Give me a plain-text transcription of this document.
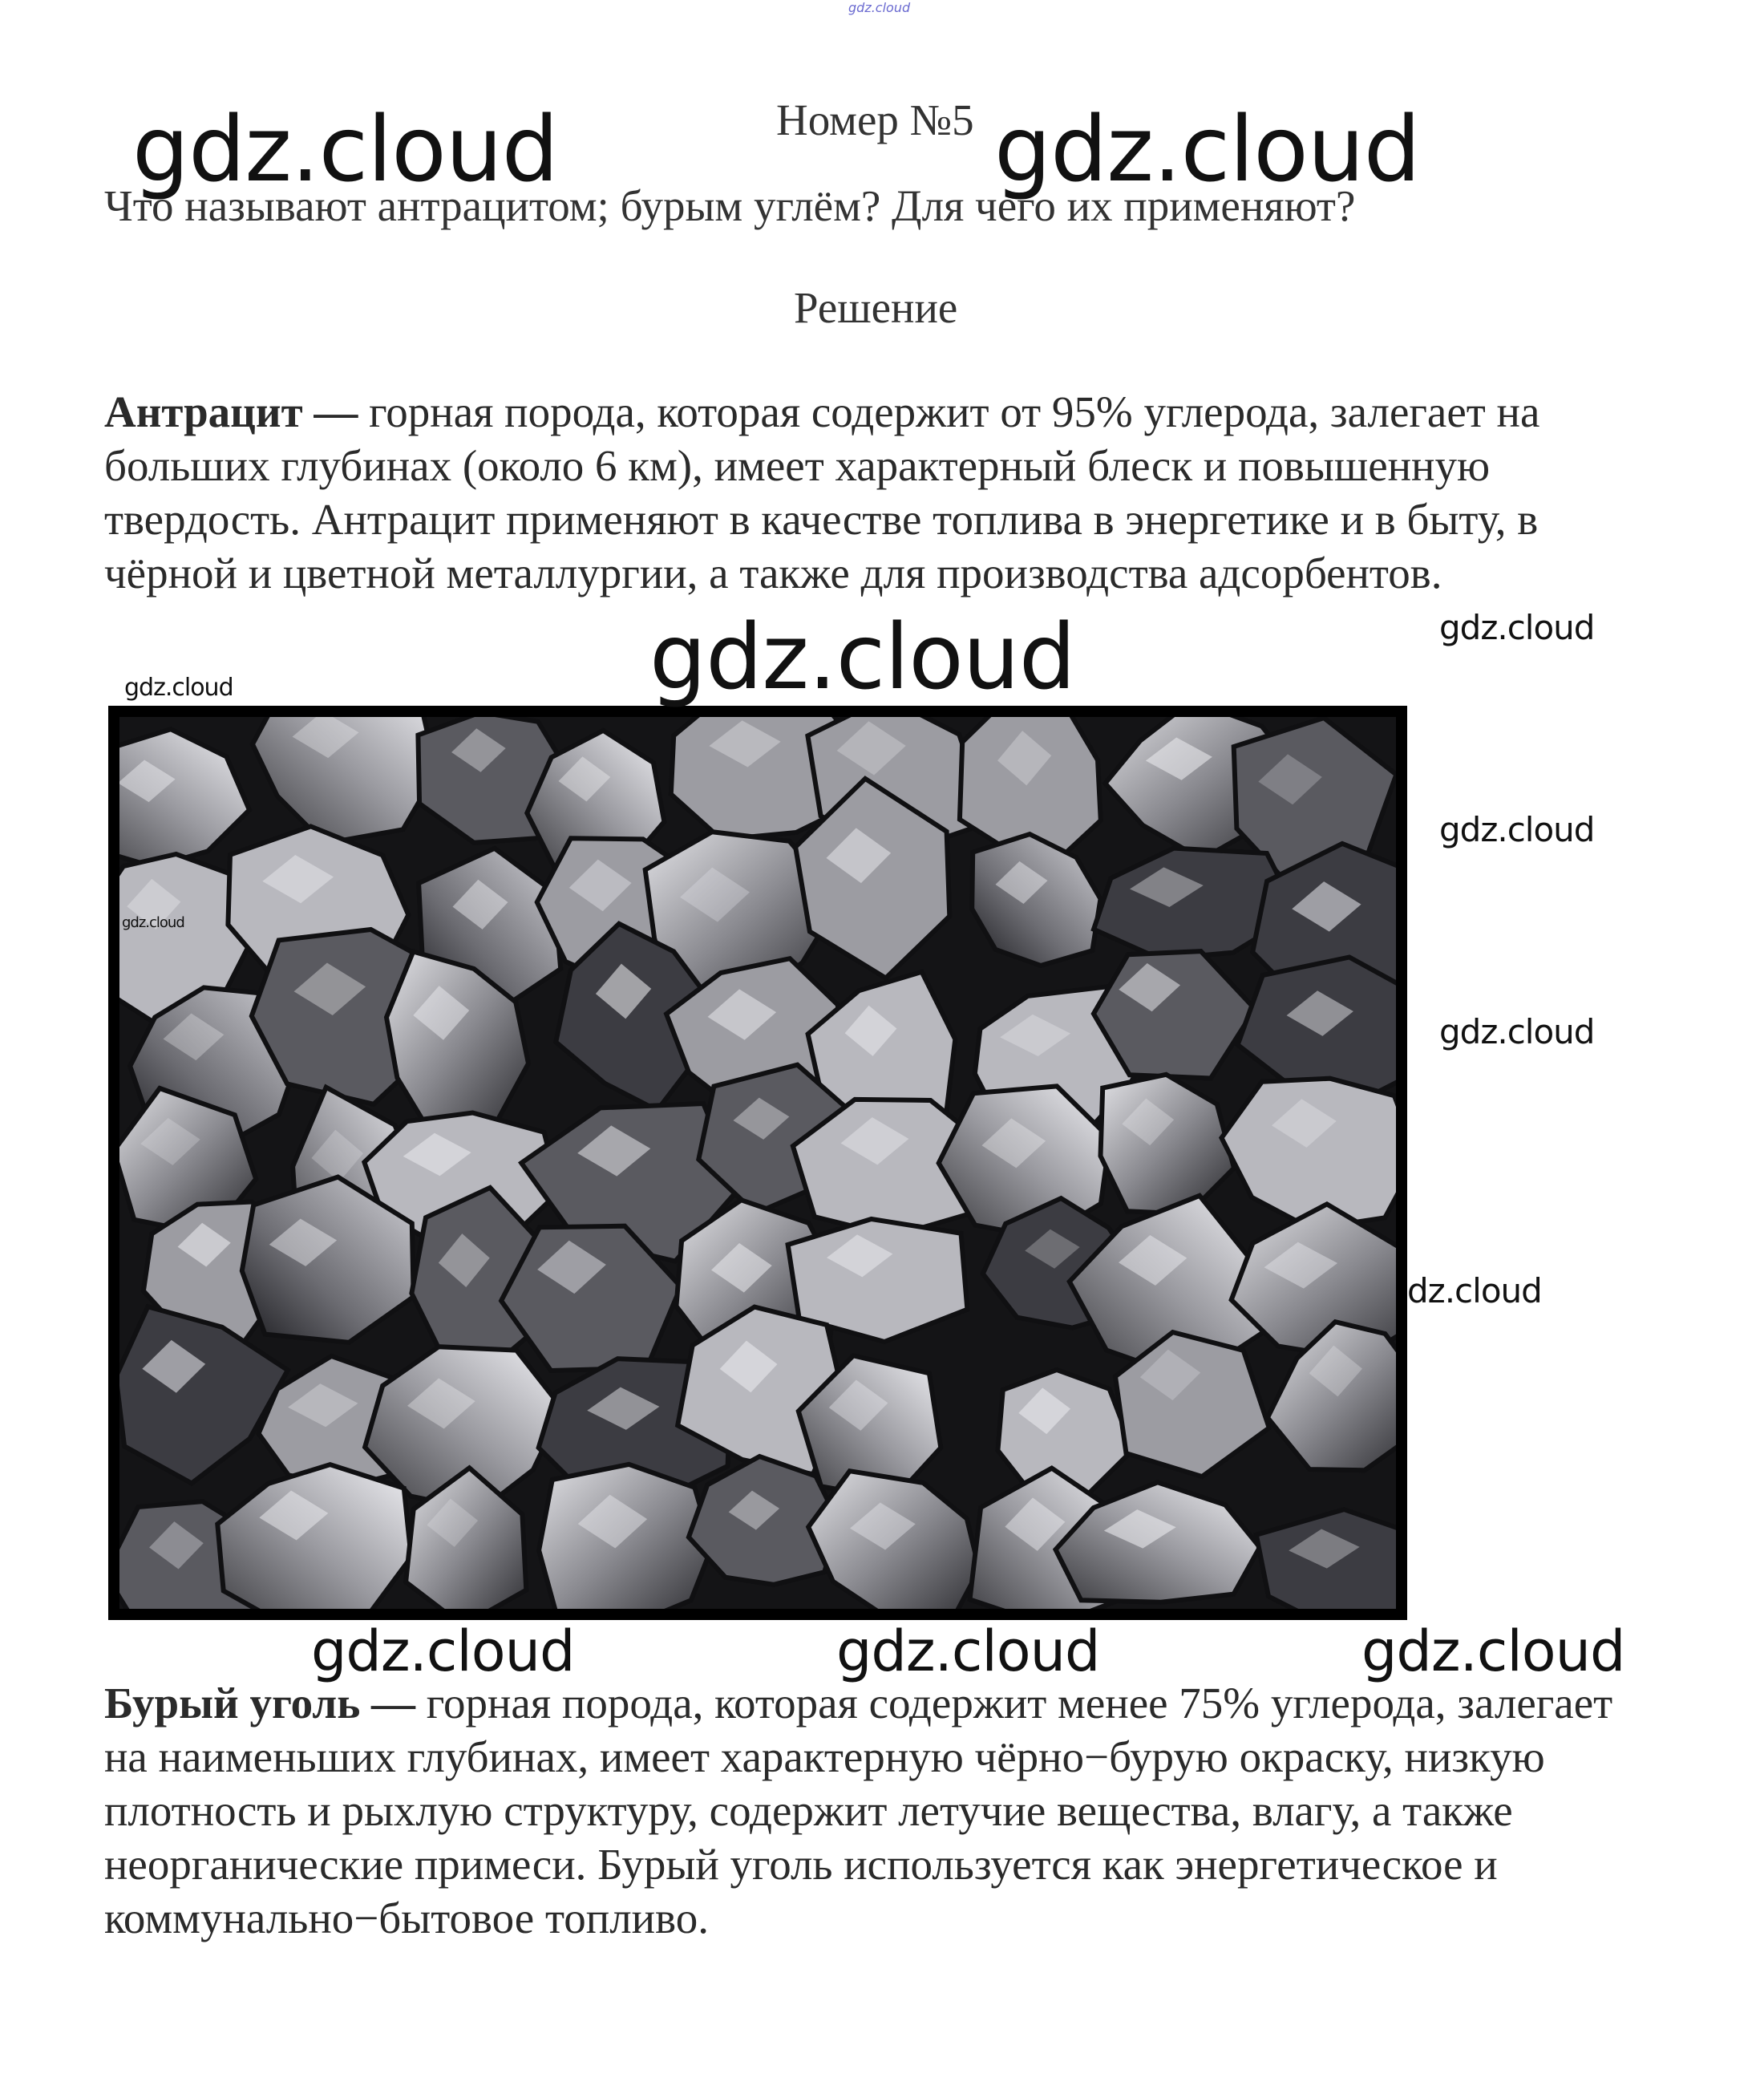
gdz.cloud
Номер №5
Что называют антрацитом; бурым углём? Для чего их применяют?
Решение
Антрацит — горная порода, которая содержит от 95% углерода, залегает на больших глубинах (около 6 км), имеет характерный блеск и повышенную твердость. Антрацит применяют в качестве топлива в энергетике и в быту, в чёрной и цветной металлургии, а также для производства адсорбентов.
Бурый уголь — горная порода, которая содержит менее 75% углерода, залегает на наименьших глубинах, имеет характерную чёрно−бурую окраску, низкую плотность и рыхлую структуру, содержит летучие вещества, влагу, а также неорганические примеси. Бурый уголь используется как энергетическое и коммунально−бытовое топливо.
gdz.cloud	gdz.cloud
gdz.cloud	gdz.cloud
gdz.cloud
gdz.cloud
gdz.cloud
gdz.cloud
dz.cloud
gdz.cloud	gdz.cloud	gdz.cloud
